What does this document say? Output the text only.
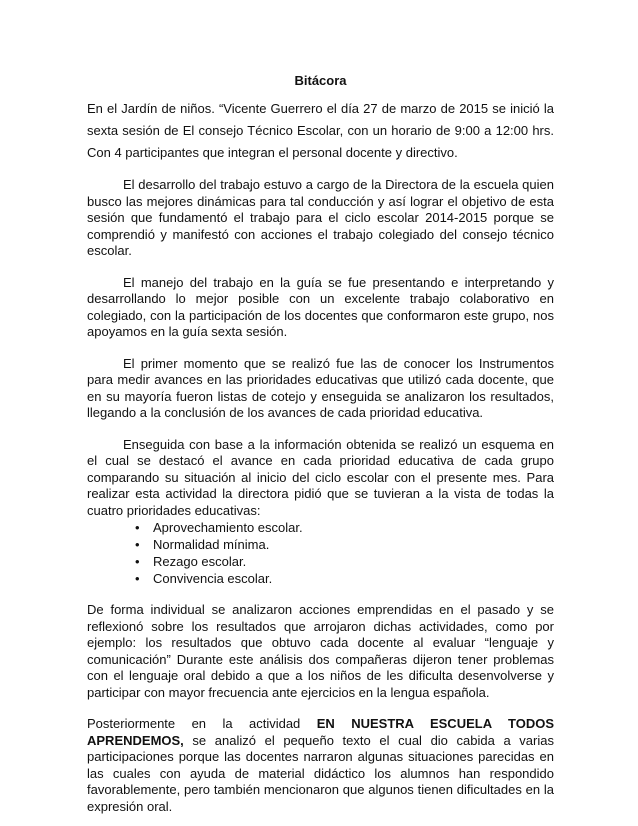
Bitácora

En el Jardín de niños. “Vicente Guerrero el día 27 de marzo de 2015 se inició la sexta sesión de El consejo Técnico Escolar, con un horario de 9:00 a 12:00 hrs. Con 4 participantes que integran el personal docente y directivo.

El desarrollo del trabajo estuvo a cargo de la Directora de la escuela quien busco las mejores dinámicas para tal conducción y así lograr el objetivo de esta sesión que fundamentó el trabajo para el ciclo escolar 2014-2015 porque se comprendió y manifestó con acciones el trabajo colegiado del consejo técnico escolar.

El manejo del trabajo en la guía se fue presentando e interpretando y desarrollando lo mejor posible con un excelente trabajo colaborativo en colegiado, con la participación de los docentes que conformaron este grupo, nos apoyamos en la guía sexta sesión.

El primer momento que se realizó fue las de conocer los Instrumentos para medir avances en las prioridades educativas que utilizó cada docente, que en su mayoría fueron listas de cotejo y enseguida se analizaron los resultados, llegando a la conclusión de los avances de cada prioridad educativa.

Enseguida con base a la información obtenida se realizó un esquema en el cual se destacó el avance en cada prioridad educativa de cada grupo comparando su situación al inicio del ciclo escolar con el presente mes. Para realizar esta actividad la directora pidió que se tuvieran a la vista de todas la cuatro prioridades educativas:

• Aprovechamiento escolar.
• Normalidad mínima.
• Rezago escolar.
• Convivencia escolar.

De forma individual se analizaron acciones emprendidas en el pasado y se reflexionó sobre los resultados que arrojaron dichas actividades, como por ejemplo: los resultados que obtuvo cada docente al evaluar “lenguaje y comunicación” Durante este análisis dos compañeras dijeron tener problemas con el lenguaje oral debido a que a los niños de les dificulta desenvolverse y participar con mayor frecuencia ante ejercicios en la lengua española.

Posteriormente en la actividad EN NUESTRA ESCUELA TODOS APRENDEMOS, se analizó el pequeño texto el cual dio cabida a varias participaciones porque las docentes narraron algunas situaciones parecidas en las cuales con ayuda de material didáctico los alumnos han respondido favorablemente, pero también mencionaron que algunos tienen dificultades en la expresión oral.
